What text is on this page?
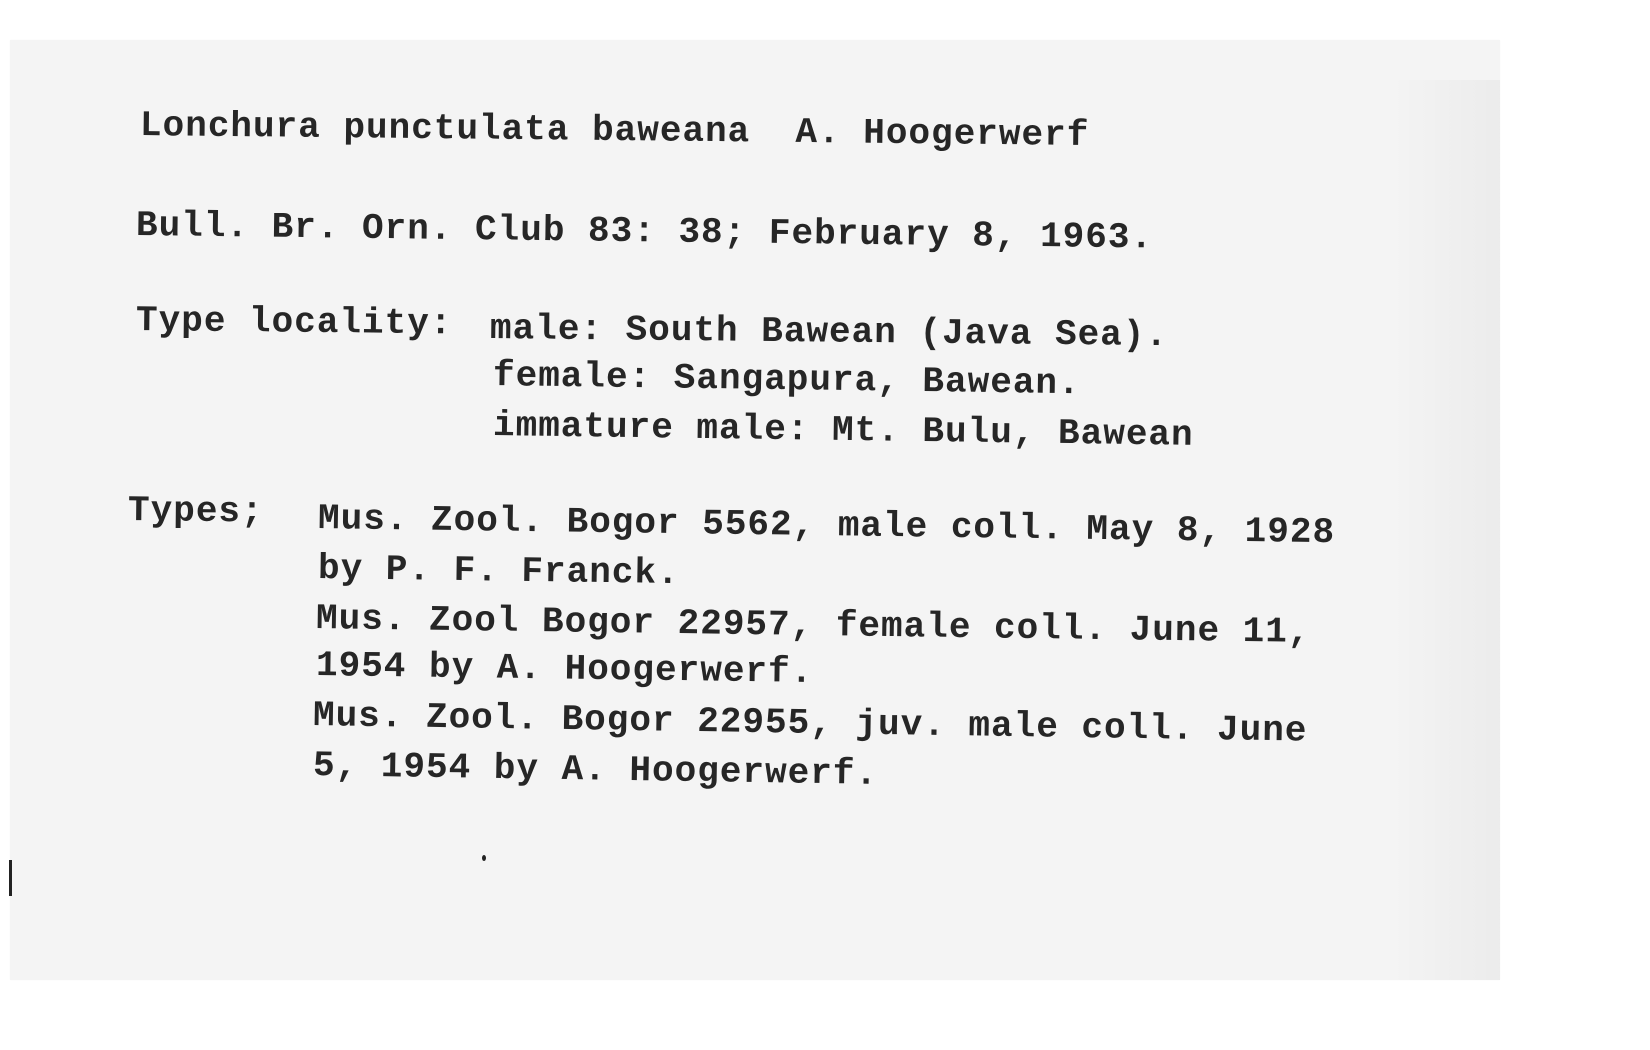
Lonchura punctulata baweana  A. Hoogerwerf
Bull. Br. Orn. Club 83: 38; February 8, 1963.
Type locality: male: South Bawean (Java Sea).
female: Sangapura, Bawean.
immature male: Mt. Bulu, Bawean
Types; Mus. Zool. Bogor 5562, male coll. May 8, 1928
by P. F. Franck.
Mus. Zool Bogor 22957, female coll. June 11,
1954 by A. Hoogerwerf.
Mus. Zool. Bogor 22955, juv. male coll. June
5, 1954 by A. Hoogerwerf.
